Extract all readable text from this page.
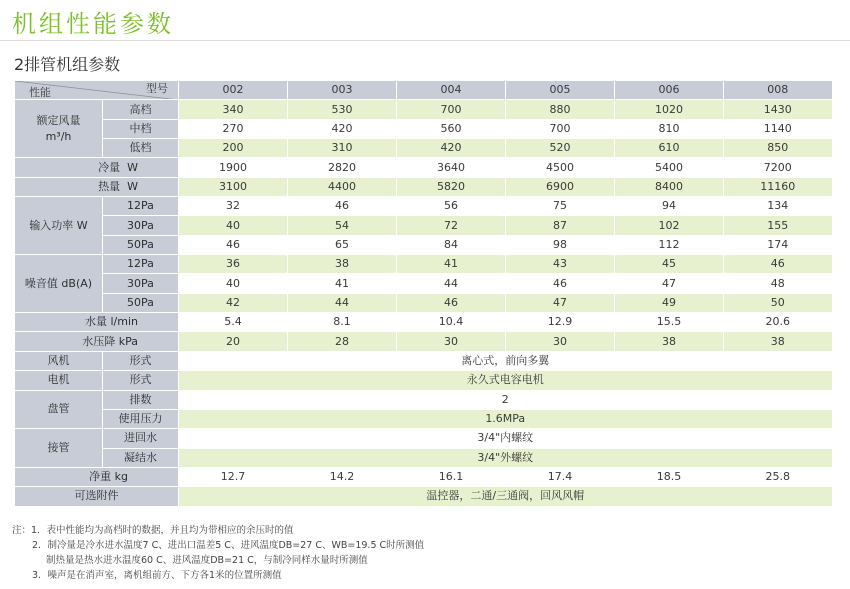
机组性能参数
2排管机组参数
型号
性能		002	003	004	005	006	008

额定风量
m³/h	高档	340	530	700	880	1020	1430
	中档	270	420	560	700	810	1140
	低档	200	310	420	520	610	850
冷量  W		1900	2820	3640	4500	5400	7200
热量  W		3100	4400	5820	6900	8400	11160
输入功率 W	12Pa	32	46	56	75	94	134
	30Pa	40	54	72	87	102	155
	50Pa	46	65	84	98	112	174
噪音值 dB(A)	12Pa	36	38	41	43	45	46
	30Pa	40	41	44	46	47	48
	50Pa	42	44	46	47	49	50
水量 l/min		5.4	8.1	10.4	12.9	15.5	20.6
水压降 kPa		20	28	30	30	38	38
风机	形式	离心式，前向多翼					
电机	形式	永久式电容电机					
盘管	排数	2					
	使用压力	1.6MPa					
接管	进回水	3/4"内螺纹					
	凝结水	3/4"外螺纹					
净重 kg		12.7	14.2	16.1	17.4	18.5	25.8
可选附件		温控器，二通/三通阀，回风风帽					
注：1．表中性能均为高档时的数据，并且均为带相应的余压时的值
2．制冷量是冷水进水温度7 C、进出口温差5 C、进风温度DB=27 C、WB=19.5 C时所测值
制热量是热水进水温度60 C、进风温度DB=21 C，与制冷同样水量时所测值
3．噪声是在消声室，离机组前方、下方各1米的位置所测值
